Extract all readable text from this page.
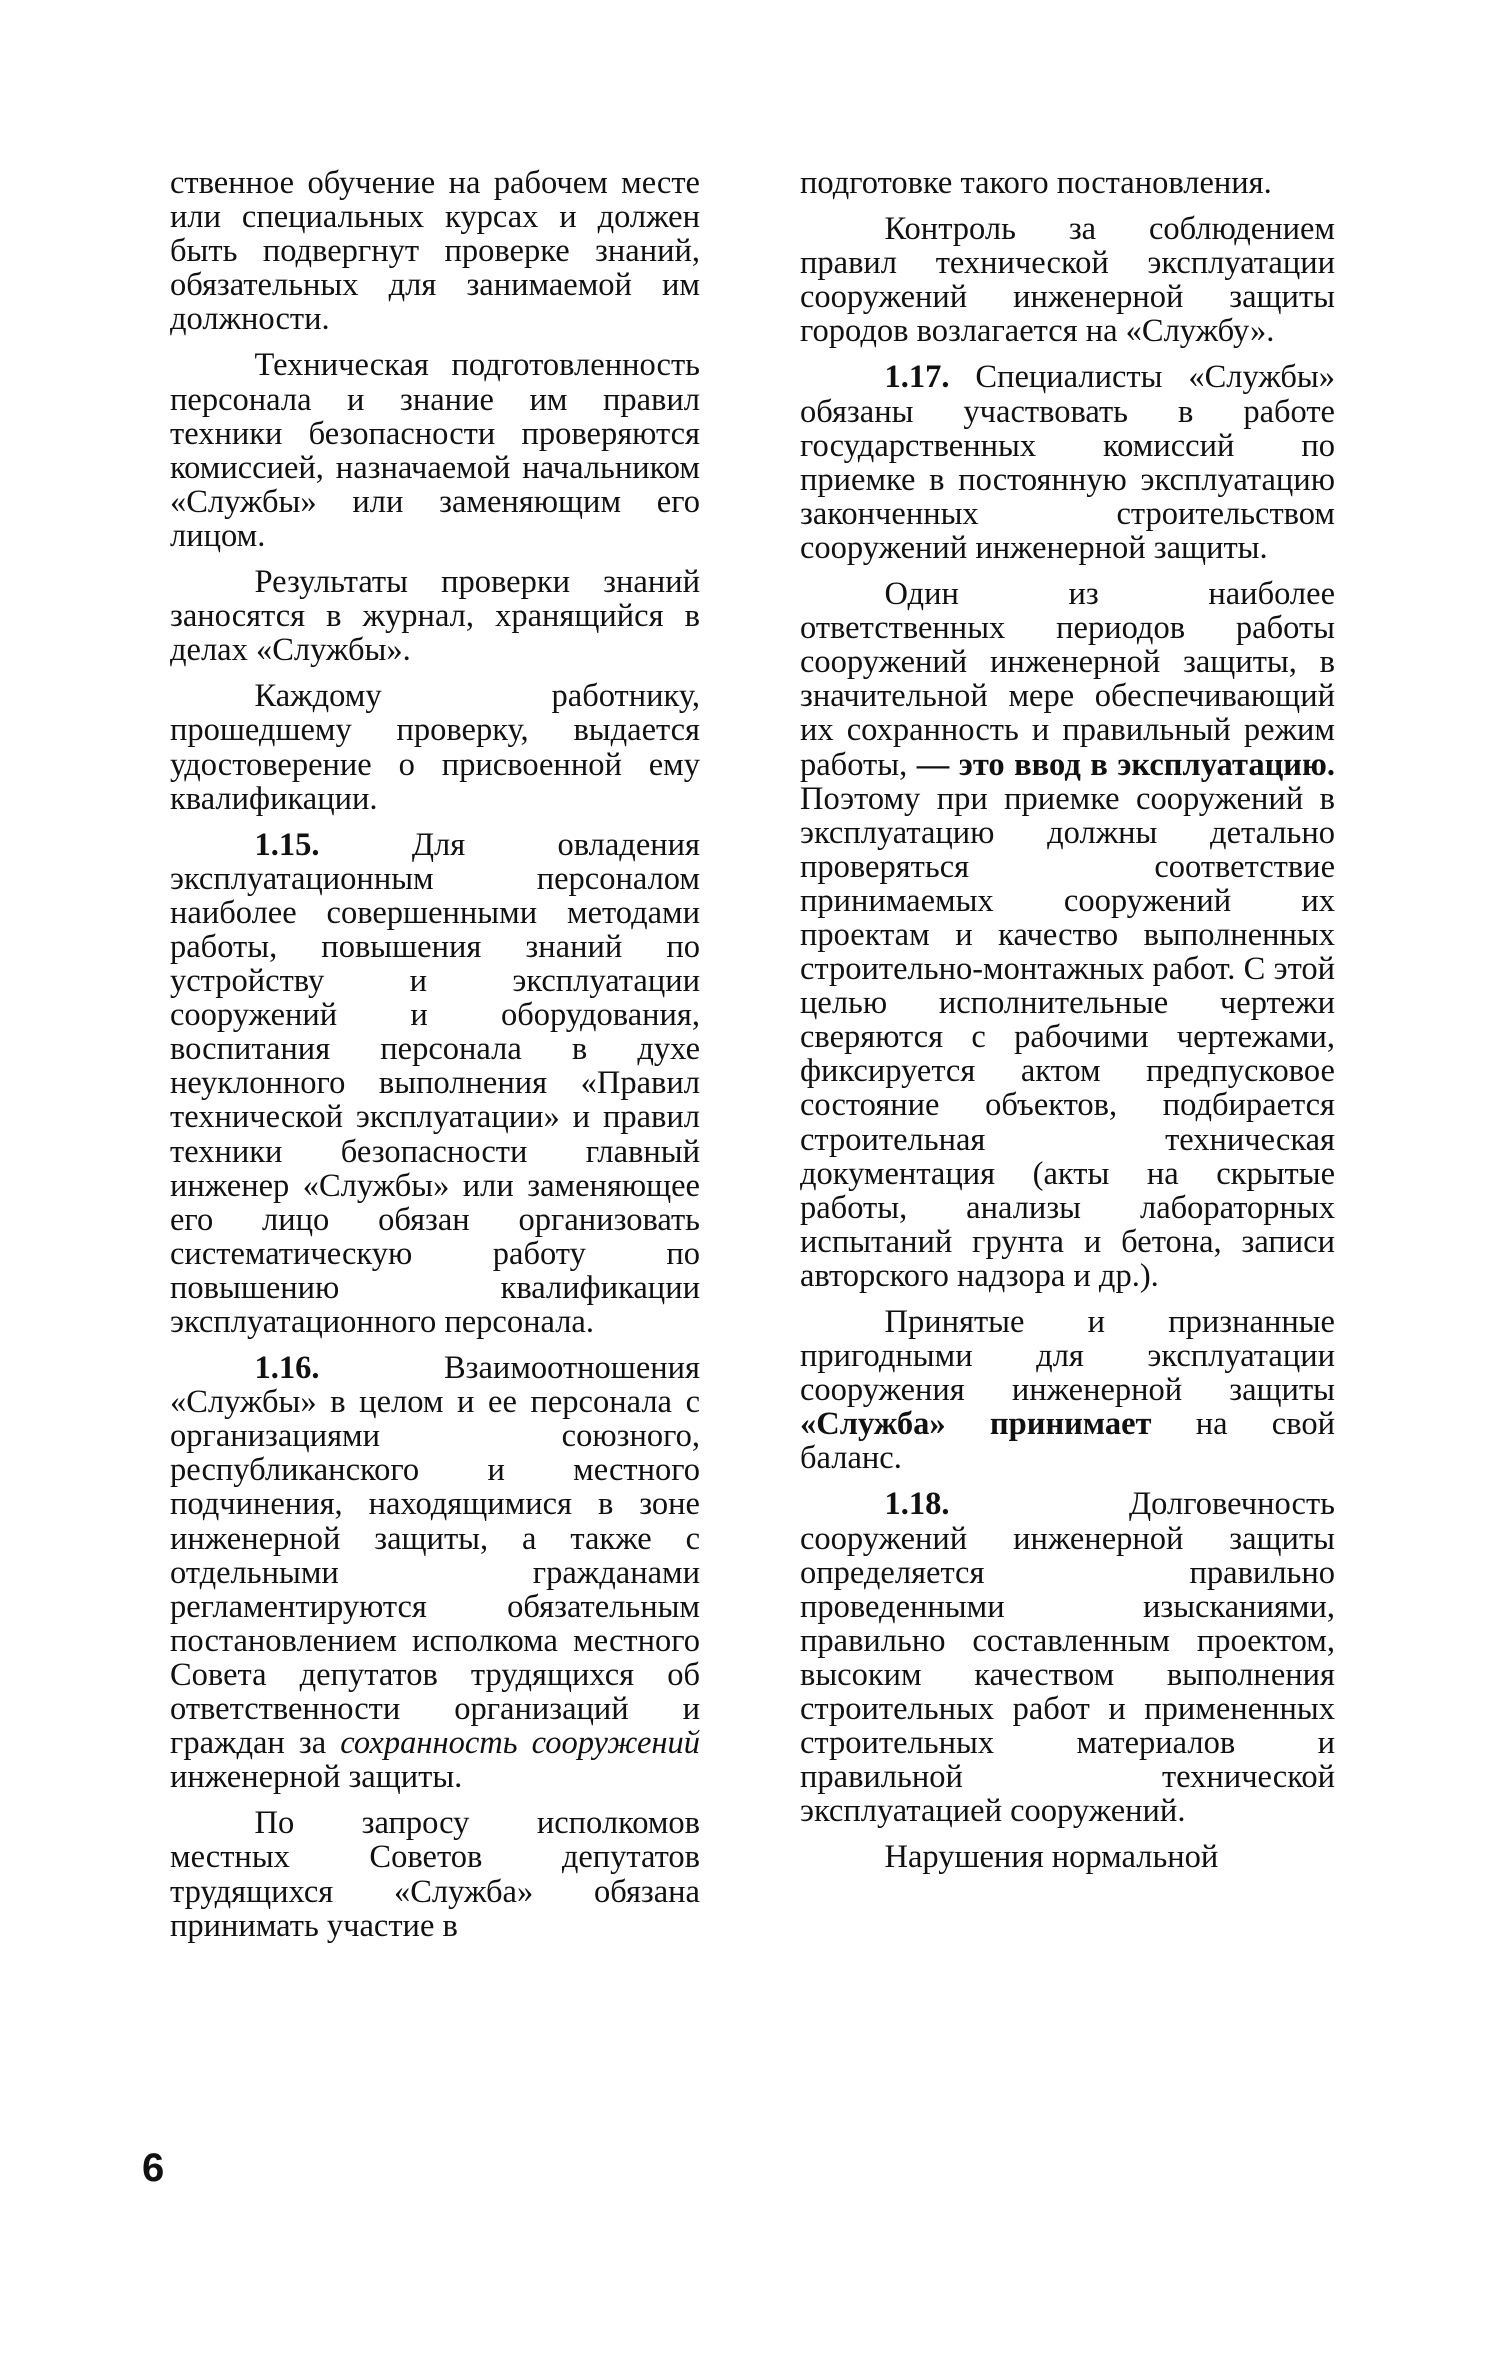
ственное обучение на рабочем месте или специальных курсах и должен быть подвергнут проверке знаний, обязательных для занимаемой им должности.

Техническая подготовленность персонала и знание им правил техники безопасности проверяются комиссией, назначаемой начальником «Службы» или заменяющим его лицом.

Результаты проверки знаний заносятся в журнал, хранящийся в делах «Службы».

Каждому работнику, прошедшему проверку, выдается удостоверение о присвоенной ему квалификации.

1.15. Для овладения эксплуатационным персоналом наиболее совершенными методами работы, повышения знаний по устройству и эксплуатации сооружений и оборудования, воспитания персонала в духе неуклонного выполнения «Правил технической эксплуатации» и правил техники безопасности главный инженер «Службы» или заменяющее его лицо обязан организовать систематическую работу по повышению квалификации эксплуатационного персонала.

1.16. Взаимоотношения «Службы» в целом и ее персонала с организациями союзного, республиканского и местного подчинения, находящимися в зоне инженерной защиты, а также с отдельными гражданами регламентируются обязательным постановлением исполкома местного Совета депутатов трудящихся об ответственности организаций и граждан за сохранность сооружений инженерной защиты.

По запросу исполкомов местных Советов депутатов трудящихся «Служба» обязана принимать участие в

подготовке такого постановления.

Контроль за соблюдением правил технической эксплуатации сооружений инженерной защиты городов возлагается на «Службу».

1.17. Специалисты «Службы» обязаны участвовать в работе государственных комиссий по приемке в постоянную эксплуатацию законченных строительством сооружений инженерной защиты.

Один из наиболее ответственных периодов работы сооружений инженерной защиты, в значительной мере обеспечивающий их сохранность и правильный режим работы, — это ввод в эксплуатацию. Поэтому при приемке сооружений в эксплуатацию должны детально проверяться соответствие принимаемых сооружений их проектам и качество выполненных строительно-монтажных работ. С этой целью исполнительные чертежи сверяются с рабочими чертежами, фиксируется актом предпусковое состояние объектов, подбирается строительная техническая документация (акты на скрытые работы, анализы лабораторных испытаний грунта и бетона, записи авторского надзора и др.).

Принятые и признанные пригодными для эксплуатации сооружения инженерной защиты «Служба» принимает на свой баланс.

1.18. Долговечность сооружений инженерной защиты определяется правильно проведенными изысканиями, правильно составленным проектом, высоким качеством выполнения строительных работ и примененных строительных материалов и правильной технической эксплуатацией сооружений.

Нарушения нормальной

6
